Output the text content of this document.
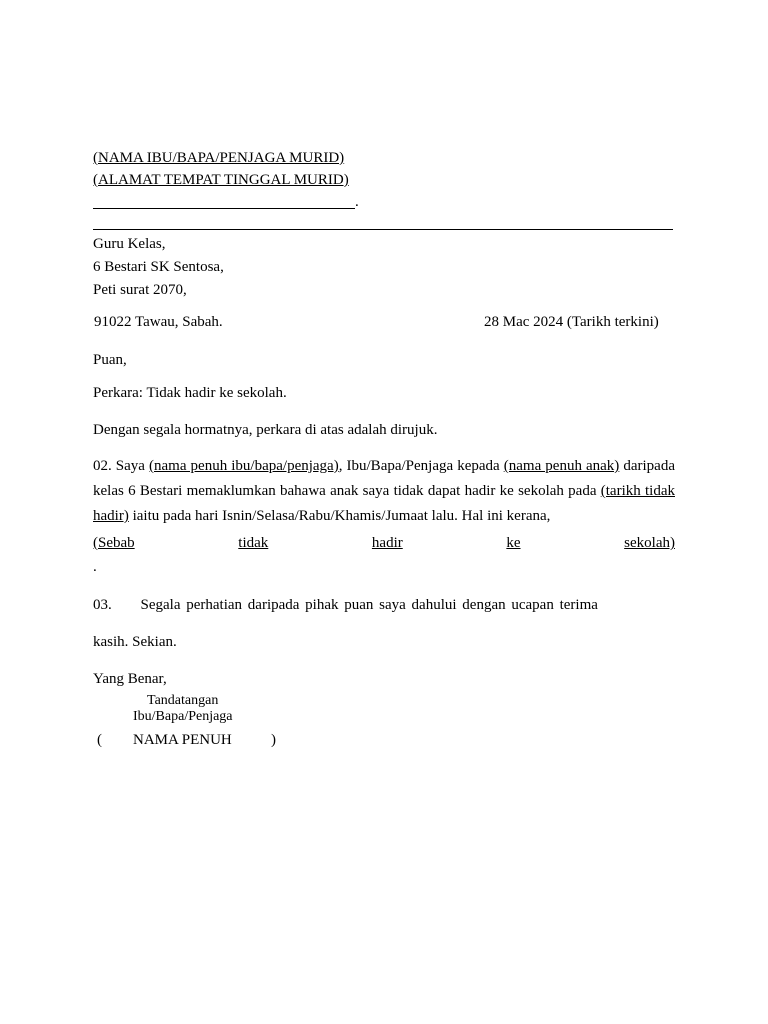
(NAMA IBU/BAPA/PENJAGA MURID)
(ALAMAT TEMPAT TINGGAL MURID)
.
Guru Kelas,
6 Bestari SK Sentosa,
Peti surat 2070,
91022 Tawau, Sabah.	28 Mac 2024 (Tarikh terkini)
Puan,
Perkara: Tidak hadir ke sekolah.
Dengan segala hormatnya, perkara di atas adalah dirujuk.
02. Saya (nama penuh ibu/bapa/penjaga), Ibu/Bapa/Penjaga kepada (nama penuh anak) daripada kelas 6 Bestari memaklumkan bahawa anak saya tidak dapat hadir ke sekolah pada (tarikh tidak hadir) iaitu pada hari Isnin/Selasa/Rabu/Khamis/Jumaat lalu. Hal ini kerana,
(Sebab	tidak	hadir	ke	sekolah)
.
03.     Segala perhatian daripada pihak puan saya dahului dengan ucapan terima
kasih. Sekian.
Yang Benar,
Tandatangan
Ibu/Bapa/Penjaga
( NAMA PENUH	)
